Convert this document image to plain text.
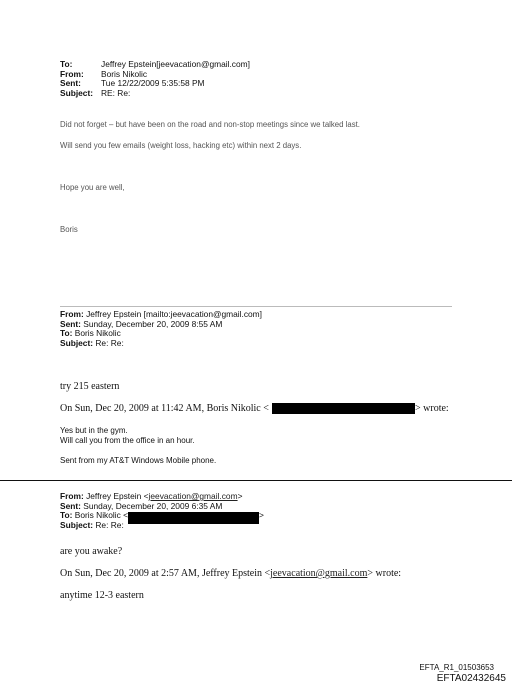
To:	Jeffrey Epstein[jeevacation@gmail.com]
From: Boris Nikolic
Sent: Tue 12/22/2009 5:35:58 PM
Subject: RE: Re:
Did not forget – but have been on the road and non-stop meetings since we talked last.
Will send you few emails (weight loss, hacking etc) within next 2 days.
Hope you are well,
Boris
From: Jeffrey Epstein [mailto:jeevacation@gmail.com]
Sent: Sunday, December 20, 2009 8:55 AM
To: Boris Nikolic
Subject: Re: Re:
try 215 eastern
On Sun, Dec 20, 2009 at 11:42 AM, Boris Nikolic <	> wrote:
Yes but in the gym.
Will call you from the office in an hour.
Sent from my AT&T Windows Mobile phone.
From: Jeffrey Epstein <jeevacation@gmail.com>
Sent: Sunday, December 20, 2009 6:35 AM
To: Boris Nikolic <	>
Subject: Re: Re:
are you awake?
On Sun, Dec 20, 2009 at 2:57 AM, Jeffrey Epstein <jeevacation@gmail.com> wrote:
anytime 12-3 eastern
EFTA_R1_01503653
EFTA02432645
